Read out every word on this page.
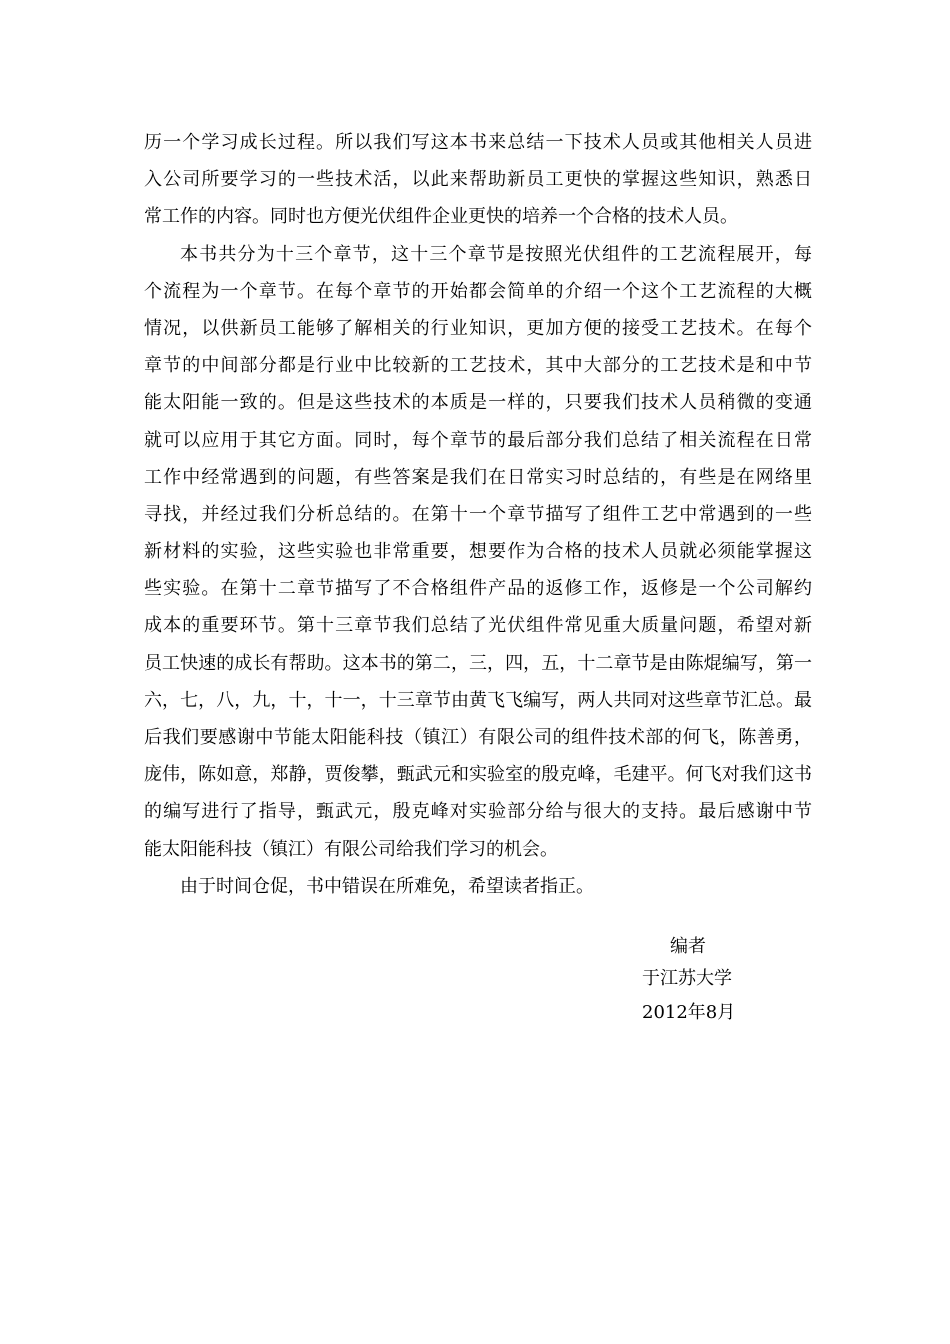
历一个学习成长过程。所以我们写这本书来总结一下技术人员或其他相关人员进
入公司所要学习的一些技术活，以此来帮助新员工更快的掌握这些知识，熟悉日
常工作的内容。同时也方便光伏组件企业更快的培养一个合格的技术人员。
本书共分为十三个章节，这十三个章节是按照光伏组件的工艺流程展开，每
个流程为一个章节。在每个章节的开始都会简单的介绍一个这个工艺流程的大概
情况，以供新员工能够了解相关的行业知识，更加方便的接受工艺技术。在每个
章节的中间部分都是行业中比较新的工艺技术，其中大部分的工艺技术是和中节
能太阳能一致的。但是这些技术的本质是一样的，只要我们技术人员稍微的变通
就可以应用于其它方面。同时，每个章节的最后部分我们总结了相关流程在日常
工作中经常遇到的问题，有些答案是我们在日常实习时总结的，有些是在网络里
寻找，并经过我们分析总结的。在第十一个章节描写了组件工艺中常遇到的一些
新材料的实验，这些实验也非常重要，想要作为合格的技术人员就必须能掌握这
些实验。在第十二章节描写了不合格组件产品的返修工作，返修是一个公司解约
成本的重要环节。第十三章节我们总结了光伏组件常见重大质量问题，希望对新
员工快速的成长有帮助。这本书的第二，三，四，五，十二章节是由陈焜编写，第一
六，七，八，九，十，十一，十三章节由黄飞飞编写，两人共同对这些章节汇总。最
后我们要感谢中节能太阳能科技（镇江）有限公司的组件技术部的何飞，陈善勇，
庞伟，陈如意，郑静，贾俊攀，甄武元和实验室的殷克峰，毛建平。何飞对我们这书
的编写进行了指导，甄武元，殷克峰对实验部分给与很大的支持。最后感谢中节
能太阳能科技（镇江）有限公司给我们学习的机会。
由于时间仓促，书中错误在所难免，希望读者指正。
编者
于江苏大学
2012年8月
